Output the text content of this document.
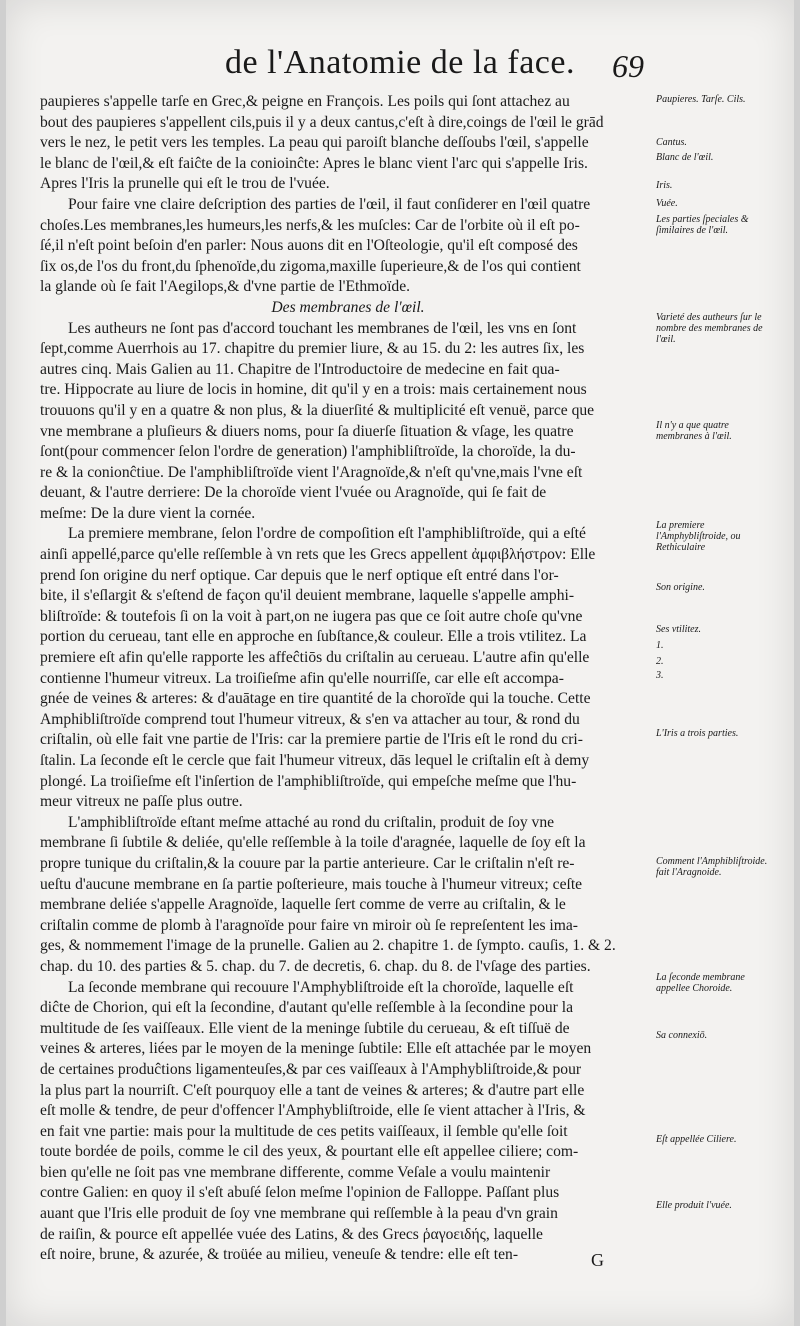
de l'Anatomie de la face.	69
paupieres s'appelle tarſe en Grec,& peigne en François. Les poils qui ſont attachez au
bout des paupieres s'appellent cils,puis il y a deux cantus,c'eſt à dire,coings de l'œil le grād
vers le nez, le petit vers les temples. La peau qui paroiſt blanche deſſoubs l'œil, s'appelle
le blanc de l'œil,& eſt faiĉte de la conioinĉte: Apres le blanc vient l'arc qui s'appelle Iris.
Apres l'Iris la prunelle qui eſt le trou de l'vuée.
Pour faire vne claire deſcription des parties de l'œil, il faut conſiderer en l'œil quatre
choſes.Les membranes,les humeurs,les nerfs,& les muſcles: Car de l'orbite où il eſt po-
ſé,il n'eſt point beſoin d'en parler: Nous auons dit en l'Oſteologie, qu'il eſt composé des
ſix os,de l'os du front,du ſphenoïde,du zigoma,maxille ſuperieure,& de l'os qui contient
la glande où ſe fait l'Aegilops,& d'vne partie de l'Ethmoïde.
Des membranes de l'œil.
Les autheurs ne ſont pas d'accord touchant les membranes de l'œil, les vns en ſont
ſept,comme Auerrhois au 17. chapitre du premier liure, & au 15. du 2: les autres ſix, les
autres cinq. Mais Galien au 11. Chapitre de l'Introductoire de medecine en fait qua-
tre. Hippocrate au liure de locis in homine, dit qu'il y en a trois: mais certainement nous
trouuons qu'il y en a quatre & non plus, & la diuerſité & multiplicité eſt venuë, parce que
vne membrane a pluſieurs & diuers noms, pour ſa diuerſe ſituation & vſage, les quatre
ſont(pour commencer ſelon l'ordre de generation) l'amphibliſtroïde, la choroïde, la du-
re & la conionĉtiue. De l'amphibliſtroïde vient l'Aragnoïde,& n'eſt qu'vne,mais l'vne eſt
deuant, & l'autre derriere: De la choroïde vient l'vuée ou Aragnoïde, qui ſe fait de
meſme: De la dure vient la cornée.
La premiere membrane, ſelon l'ordre de compoſition eſt l'amphibliſtroïde, qui a eſté
ainſi appellé,parce qu'elle reſſemble à vn rets que les Grecs appellent ἀμφιβλήστρον: Elle
prend ſon origine du nerf optique. Car depuis que le nerf optique eſt entré dans l'or-
bite, il s'eſlargit & s'eſtend de façon qu'il deuient membrane, laquelle s'appelle amphi-
bliſtroïde: & toutefois ſi on la voit à part,on ne iugera pas que ce ſoit autre choſe qu'vne
portion du cerueau, tant elle en approche en ſubſtance,& couleur. Elle a trois vtilitez. La
premiere eſt afin qu'elle rapporte les affeĉtiōs du criſtalin au cerueau. L'autre afin qu'elle
contienne l'humeur vitreux. La troiſieſme afin qu'elle nourriſſe, car elle eſt accompa-
gnée de veines & arteres: & d'auātage en tire quantité de la choroïde qui la touche. Cette
Amphibliſtroïde comprend tout l'humeur vitreux, & s'en va attacher au tour, & rond du
criſtalin, où elle fait vne partie de l'Iris: car la premiere partie de l'Iris eſt le rond du cri-
ſtalin. La ſeconde eſt le cercle que fait l'humeur vitreux, dās lequel le criſtalin eſt à demy
plongé. La troiſieſme eſt l'inſertion de l'amphibliſtroïde, qui empeſche meſme que l'hu-
meur vitreux ne paſſe plus outre.
L'amphibliſtroïde eſtant meſme attaché au rond du criſtalin, produit de ſoy vne
membrane ſi ſubtile & deliée, qu'elle reſſemble à la toile d'aragnée, laquelle de ſoy eſt la
propre tunique du criſtalin,& la couure par la partie anterieure. Car le criſtalin n'eſt re-
ueſtu d'aucune membrane en ſa partie poſterieure, mais touche à l'humeur vitreux; ceſte
membrane deliée s'appelle Aragnoïde, laquelle ſert comme de verre au criſtalin, & le
criſtalin comme de plomb à l'aragnoïde pour faire vn miroir où ſe repreſentent les ima-
ges, & nommement l'image de la prunelle. Galien au 2. chapitre 1. de ſympto. cauſis, 1. & 2.
chap. du 10. des parties & 5. chap. du 7. de decretis, 6. chap. du 8. de l'vſage des parties.
La ſeconde membrane qui recouure l'Amphybliſtroide eſt la choroïde, laquelle eſt
diĉte de Chorion, qui eſt la ſecondine, d'autant qu'elle reſſemble à la ſecondine pour la
multitude de ſes vaiſſeaux. Elle vient de la meninge ſubtile du cerueau, & eſt tiſſuë de
veines & arteres, liées par le moyen de la meninge ſubtile: Elle eſt attachée par le moyen
de certaines produĉtions ligamenteuſes,& par ces vaiſſeaux à l'Amphybliſtroide,& pour
la plus part la nourriſt. C'eſt pourquoy elle a tant de veines & arteres; & d'autre part elle
eſt molle & tendre, de peur d'offencer l'Amphybliſtroide, elle ſe vient attacher à l'Iris, &
en fait vne partie: mais pour la multitude de ces petits vaiſſeaux, il ſemble qu'elle ſoit
toute bordée de poils, comme le cil des yeux, & pourtant elle eſt appellee ciliere; com-
bien qu'elle ne ſoit pas vne membrane differente, comme Veſale a voulu maintenir
contre Galien: en quoy il s'eſt abuſé ſelon meſme l'opinion de Falloppe. Paſſant plus
auant que l'Iris elle produit de ſoy vne membrane qui reſſemble à la peau d'vn grain
de raiſin, & pource eſt appellée vuée des Latins, & des Grecs ῥαγοειδής, laquelle
eſt noire, brune, & azurée, & troüée au milieu, veneuſe & tendre: elle eſt ten-
Paupieres. Tarſe. Cils.
Cantus.
Blanc de l'œil.
Iris.
Vuée.
Les parties ſpeciales & ſimilaires de l'œil.
Varieté des autheurs ſur le nombre des membranes de l'œil.
Il n'y a que quatre membranes à l'œil.
La premiere l'Amphybliſtroide, ou Rethiculaire
Son origine.
Ses vtilitez.
1.
2.
3.
L'Iris a trois parties.
Comment l'Amphibliſtroide. fait l'Aragnoide.
La ſeconde membrane appellee Choroide.
Sa connexiō.
Eſt appellée Ciliere.
Elle produit l'vuée.
G
